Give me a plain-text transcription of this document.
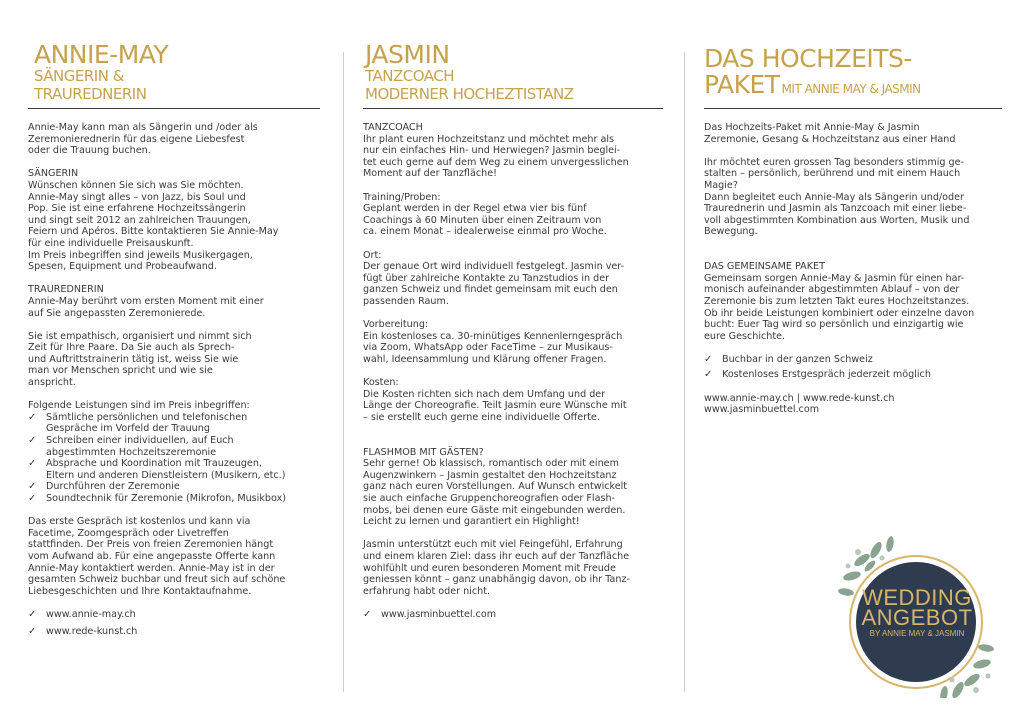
ANNIE-MAY
SÄNGERIN &
TRAUREDNERIN

Annie-May kann man als Sängerin und /oder als
Zeremonierednerin für das eigene Liebesfest
oder die Trauung buchen.

SÄNGERIN

Wünschen können Sie sich was Sie möchten.
Annie-May singt alles – von Jazz, bis Soul und
Pop. Sie ist eine erfahrene Hochzeitssängerin
und singt seit 2012 an zahlreichen Trauungen,
Feiern und Apéros. Bitte kontaktieren Sie Annie-May
für eine individuelle Preisauskunft.
Im Preis inbegriffen sind jeweils Musikergagen,
Spesen, Equipment und Probeaufwand.

TRAUREDNERIN

Annie-May berührt vom ersten Moment mit einer
auf Sie angepassten Zeremonierede.

Sie ist empathisch, organisiert und nimmt sich
Zeit für Ihre Paare. Da Sie auch als Sprech-
und Auftrittstrainerin tätig ist, weiss Sie wie
man vor Menschen spricht und wie sie
anspricht.

Folgende Leistungen sind im Preis inbegriffen:
✓	Sämtliche persönlichen und telefonischen
Gespräche im Vorfeld der Trauung
✓	Schreiben einer individuellen, auf Euch
abgestimmten Hochzeitszeremonie
✓	Absprache und Koordination mit Trauzeugen,
Eltern und anderen Dienstleistern (Musikern, etc.)
✓	Durchführen der Zeremonie
✓	Soundtechnik für Zeremonie (Mikrofon, Musikbox)

Das erste Gespräch ist kostenlos und kann via
Facetime, Zoomgespräch oder Livetreffen
stattfinden. Der Preis von freien Zeremonien hängt
vom Aufwand ab. Für eine angepasste Offerte kann
Annie-May kontaktiert werden. Annie-May ist in der
gesamten Schweiz buchbar und freut sich auf schöne
Liebesgeschichten und Ihre Kontaktaufnahme.

✓	www.annie-may.ch
✓	www.rede-kunst.ch
JASMIN
TANZCOACH
MODERNER HOCHEZTISTANZ
TANZCOACH

Ihr plant euren Hochzeitstanz und möchtet mehr als
nur ein einfaches Hin- und Herwiegen? Jasmin beglei-
tet euch gerne auf dem Weg zu einem unvergesslichen
Moment auf der Tanzfläche!

Training/Proben:

Geplant werden in der Regel etwa vier bis fünf
Coachings à 60 Minuten über einen Zeitraum von
ca. einem Monat – idealerweise einmal pro Woche.

Ort:

Der genaue Ort wird individuell festgelegt. Jasmin ver-
fügt über zahlreiche Kontakte zu Tanzstudios in der
ganzen Schweiz und findet gemeinsam mit euch den
passenden Raum.

Vorbereitung:

Ein kostenloses ca. 30-minütiges Kennenlerngespräch
via Zoom, WhatsApp oder FaceTime – zur Musikaus-
wahl, Ideensammlung und Klärung offener Fragen.

Kosten:

Die Kosten richten sich nach dem Umfang und der
Länge der Choreografie. Teilt Jasmin eure Wünsche mit
– sie erstellt euch gerne eine individuelle Offerte.

FLASHMOB MIT GÄSTEN?

Sehr gerne! Ob klassisch, romantisch oder mit einem
Augenzwinkern – Jasmin gestaltet den Hochzeitstanz
ganz nach euren Vorstellungen. Auf Wunsch entwickelt
sie auch einfache Gruppenchoreografien oder Flash-
mobs, bei denen eure Gäste mit eingebunden werden.
Leicht zu lernen und garantiert ein Highlight!

Jasmin unterstützt euch mit viel Feingefühl, Erfahrung
und einem klaren Ziel: dass ihr euch auf der Tanzfläche
wohlfühlt und euren besonderen Moment mit Freude
geniessen könnt – ganz unabhängig davon, ob ihr Tanz-
erfahrung habt oder nicht.

✓	www.jasminbuettel.com
DAS HOCHZEITS-
PAKET MIT ANNIE MAY & JASMIN

Das Hochzeits-Paket mit Annie-May & Jasmin
Zeremonie, Gesang & Hochzeitstanz aus einer Hand

Ihr möchtet euren grossen Tag besonders stimmig ge-
stalten – persönlich, berührend und mit einem Hauch
Magie?
Dann begleitet euch Annie-May als Sängerin und/oder
Traurednerin und Jasmin als Tanzcoach mit einer liebe-
voll abgestimmten Kombination aus Worten, Musik und
Bewegung.

DAS GEMEINSAME PAKET

Gemeinsam sorgen Annie-May & Jasmin für einen har-
monisch aufeinander abgestimmten Ablauf – von der
Zeremonie bis zum letzten Takt eures Hochzeitstanzes.
Ob ihr beide Leistungen kombiniert oder einzelne davon
bucht: Euer Tag wird so persönlich und einzigartig wie
eure Geschichte.

✓	Buchbar in der ganzen Schweiz
✓	Kostenloses Erstgespräch jederzeit möglich
www.annie-may.ch | www.rede-kunst.ch
www.jasminbuettel.com
WEDDING
ANGEBOT
BY ANNIE MAY & JASMIN
